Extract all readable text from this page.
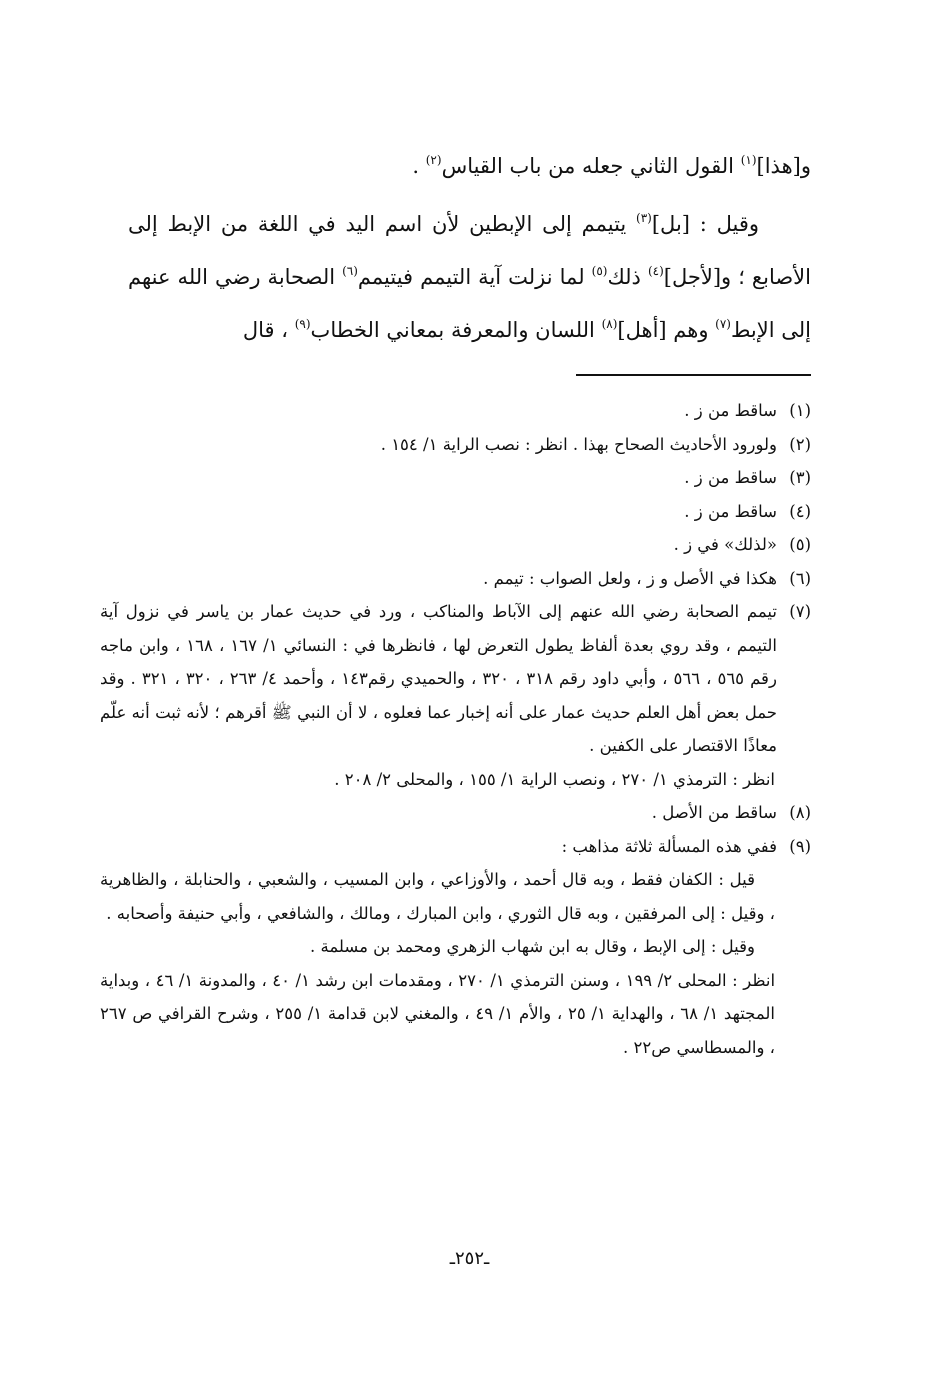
و[هذا]$^{(١)}$ القول الثاني جعله من باب القياس$^{(٢)}$ .

وقيل : [بل]$^{(٣)}$ يتيمم إلى الإبطين لأن اسم اليد في اللغة من الإبط إلى الأصابع ؛ و[لأجل]$^{(٤)}$ ذلك$^{(٥)}$ لما نزلت آية التيمم فيتيمم$^{(٦)}$ الصحابة رضي الله عنهم إلى الإبط$^{(٧)}$ وهم [أهل]$^{(٨)}$ اللسان والمعرفة بمعاني الخطاب$^{(٩)}$ ، قال

(١)
ساقط من ز .
(٢)
ولورود الأحاديث الصحاح بهذا . انظر : نصب الراية ١/ ١٥٤ .
(٣)
ساقط من ز .
(٤)
ساقط من ز .
(٥)
«لذلك» في ز .
(٦)
هكذا في الأصل و ز ، ولعل الصواب : تيمم .
(٧)
تيمم الصحابة رضي الله عنهم إلى الآباط والمناكب ، ورد في حديث عمار بن ياسر في نزول آية التيمم ، وقد روي بعدة ألفاظ يطول التعرض لها ، فانظرها في : النسائي ١/ ١٦٧ ، ١٦٨ ، وابن ماجه رقم ٥٦٥ ، ٥٦٦ ، وأبي داود رقم ٣١٨ ، ٣٢٠ ، والحميدي رقم١٤٣ ، وأحمد ٤/ ٢٦٣ ، ٣٢٠ ، ٣٢١ . وقد حمل بعض أهل العلم حديث عمار على أنه إخبار عما فعلوه ، لا أن النبي ﷺ أقرهم ؛ لأنه ثبت أنه علّم معاذًا الاقتصار على الكفين .
انظر : الترمذي ١/ ٢٧٠ ، ونصب الراية ١/ ١٥٥ ، والمحلى ٢/ ٢٠٨ .
(٨)
ساقط من الأصل .
(٩)
ففي هذه المسألة ثلاثة مذاهب :
قيل : الكفان فقط ، وبه قال أحمد ، والأوزاعي ، وابن المسيب ، والشعبي ، والحنابلة ، والظاهرية ، وقيل : إلى المرفقين ، وبه قال الثوري ، وابن المبارك ، ومالك ، والشافعي ، وأبي حنيفة وأصحابه .
وقيل : إلى الإبط ، وقال به ابن شهاب الزهري ومحمد بن مسلمة .
انظر : المحلى ٢/ ١٩٩ ، وسنن الترمذي ١/ ٢٧٠ ، ومقدمات ابن رشد ١/ ٤٠ ، والمدونة ١/ ٤٦ ، وبداية المجتهد ١/ ٦٨ ، والهداية ١/ ٢٥ ، والأم ١/ ٤٩ ، والمغني لابن قدامة ١/ ٢٥٥ ، وشرح القرافي ص ٢٦٧ ، والمسطاسي ص٢٢ .
ـ٢٥٢ـ
